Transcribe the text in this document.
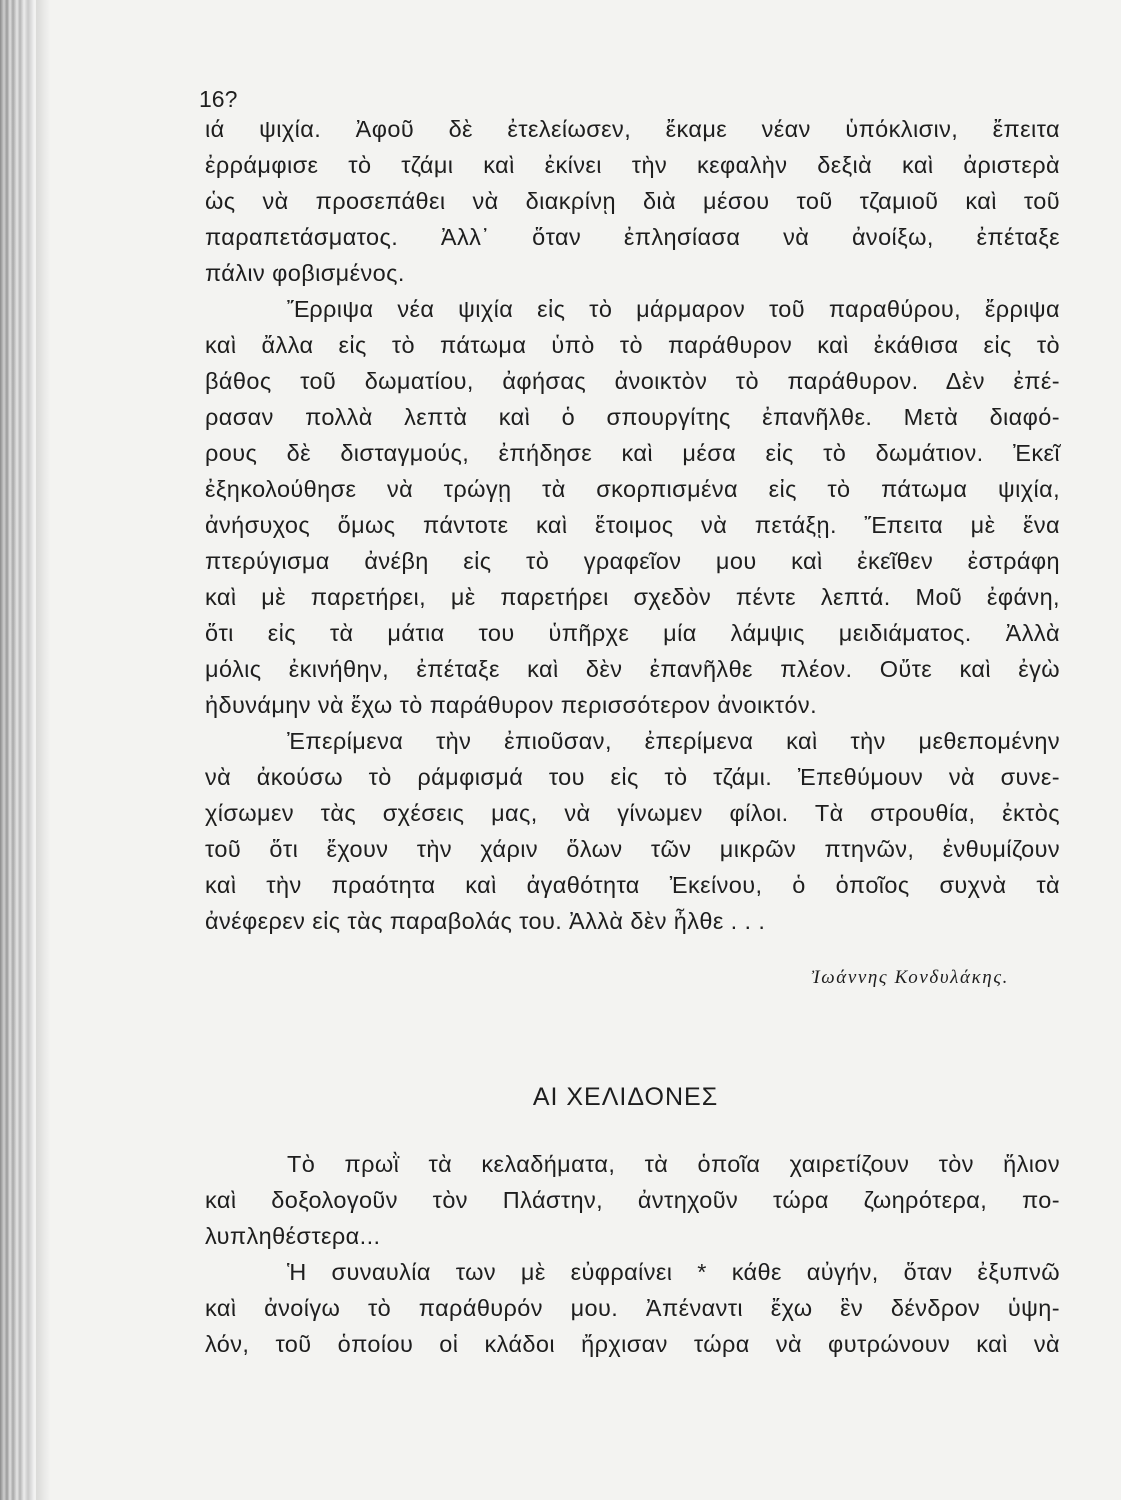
16?
ιά ψιχία. Ἀφοῦ δὲ ἐτελείωσεν, ἔκαμε νέαν ὑπόκλισιν, ἔπειτα
ἐρράμφισε τὸ τζάμι καὶ ἐκίνει τὴν κεφαλὴν δεξιὰ καὶ ἀριστερὰ
ὡς νὰ προσεπάθει νὰ διακρίνῃ διὰ μέσου τοῦ τζαμιοῦ καὶ τοῦ
παραπετάσματος. Ἀλλ᾽ ὅταν ἐπλησίασα νὰ ἀνοίξω, ἐπέταξε
πάλιν φοβισμένος.
Ἔρριψα νέα ψιχία εἰς τὸ μάρμαρον τοῦ παραθύρου, ἔρριψα
καὶ ἄλλα εἰς τὸ πάτωμα ὑπὸ τὸ παράθυρον καὶ ἐκάθισα εἰς τὸ
βάθος τοῦ δωματίου, ἀφήσας ἀνοικτὸν τὸ παράθυρον. Δὲν ἐπέ-
ρασαν πολλὰ λεπτὰ καὶ ὁ σπουργίτης ἐπανῆλθε. Μετὰ διαφό-
ρους δὲ δισταγμούς, ἐπήδησε καὶ μέσα εἰς τὸ δωμάτιον. Ἐκεῖ
ἐξηκολούθησε νὰ τρώγῃ τὰ σκορπισμένα εἰς τὸ πάτωμα ψιχία,
ἀνήσυχος ὅμως πάντοτε καὶ ἕτοιμος νὰ πετάξῃ. Ἔπειτα μὲ ἕνα
πτερύγισμα ἀνέβη εἰς τὸ γραφεῖον μου καὶ ἐκεῖθεν ἐστράφη
καὶ μὲ παρετήρει, μὲ παρετήρει σχεδὸν πέντε λεπτά. Μοῦ ἐφάνη,
ὅτι εἰς τὰ μάτια του ὑπῆρχε μία λάμψις μειδιάματος. Ἀλλὰ
μόλις ἐκινήθην, ἐπέταξε καὶ δὲν ἐπανῆλθε πλέον. Οὔτε καὶ ἐγὼ
ἠδυνάμην νὰ ἔχω τὸ παράθυρον περισσότερον ἀνοικτόν.
Ἐπερίμενα τὴν ἐπιοῦσαν, ἐπερίμενα καὶ τὴν μεθεπομένην
νὰ ἀκούσω τὸ ράμφισμά του εἰς τὸ τζάμι. Ἐπεθύμουν νὰ συνε-
χίσωμεν τὰς σχέσεις μας, νὰ γίνωμεν φίλοι. Τὰ στρουθία, ἐκτὸς
τοῦ ὅτι ἔχουν τὴν χάριν ὅλων τῶν μικρῶν πτηνῶν, ἐνθυμίζουν
καὶ τὴν πραότητα καὶ ἀγαθότητα Ἐκείνου, ὁ ὁποῖος συχνὰ τὰ
ἀνέφερεν εἰς τὰς παραβολάς του. Ἀλλὰ δὲν ἦλθε . . .
Ἰωάννης Κονδυλάκης.
ΑΙ ΧΕΛΙΔΟΝΕΣ
Τὸ πρωῒ τὰ κελαδήματα, τὰ ὁποῖα χαιρετίζουν τὸν ἥλιον
καὶ δοξολογοῦν τὸν Πλάστην, ἀντηχοῦν τώρα ζωηρότερα, πο-
λυπληθέστερα...
Ἡ συναυλία των μὲ εὐφραίνει * κάθε αὐγήν, ὅταν ἐξυπνῶ
καὶ ἀνοίγω τὸ παράθυρόν μου. Ἀπέναντι ἔχω ἓν δένδρον ὑψη-
λόν, τοῦ ὁποίου οἱ κλάδοι ἤρχισαν τώρα νὰ φυτρώνουν καὶ νὰ
